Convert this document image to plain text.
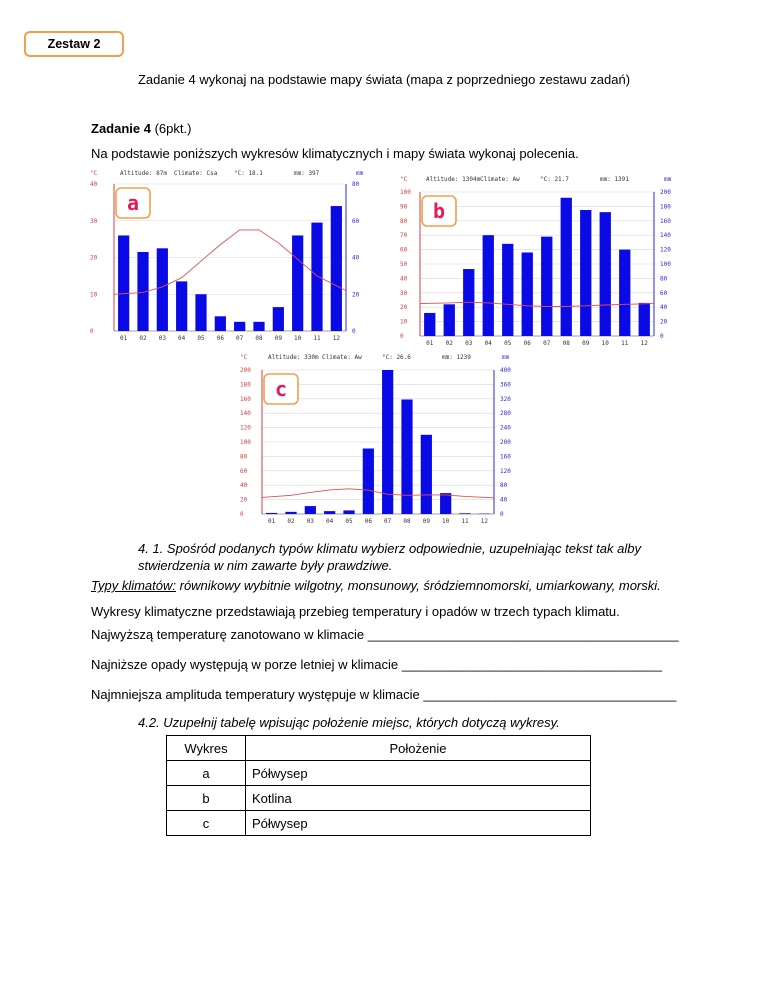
Zestaw 2
Zadanie 4 wykonaj na podstawie mapy świata (mapa z poprzedniego zestawu zadań)
Zadanie 4 (6pkt.)
Na podstawie poniższych wykresów klimatycznych i mapy świata wykonaj polecenia.
°C	Altitude: 87m Climate: Csa	°C: 18.1	mm: 397	mm
0	0
10	20
20	40
30	60
40	80
01 02 03 04 05 06 07 08 09 10 11 12
a
°C	Altitude: 1304m Climate: Aw	°C: 21.7	mm: 1391	mm
0	0
10	20
20	40
30	60
40	80
50	100
60	120
70	140
80	160
90	180
100	200
01 02 03 04 05 06 07 08 09 10 11 12
b
°C	Altitude: 330m Climate: Aw	°C: 26.6	mm: 1239	mm
0	0
20	40
40	80
60	120
80	160
100	200
120	240
140	280
160	320
180	360
200	400
01 02 03 04 05 06 07 08 09 10 11 12
c
4. 1. Spośród podanych typów klimatu wybierz odpowiednie, uzupełniając tekst tak alby
stwierdzenia w nim zawarte były prawdziwe.
Typy klimatów: równikowy wybitnie wilgotny, monsunowy, śródziemnomorski, umiarkowany, morski.
Wykresy klimatyczne przedstawiają przebieg temperatury i opadów w trzech typach klimatu.
Najwyższą temperaturę zanotowano w klimacie ___________________________________________
Najniższe opady występują w porze letniej w klimacie ____________________________________
Najmniejsza amplituda temperatury występuje w klimacie ___________________________________
4.2. Uzupełnij tabelę wpisując położenie miejsc, których dotyczą wykresy.
Wykres	Położenie
a	Półwysep
b	Kotlina
c	Półwysep
